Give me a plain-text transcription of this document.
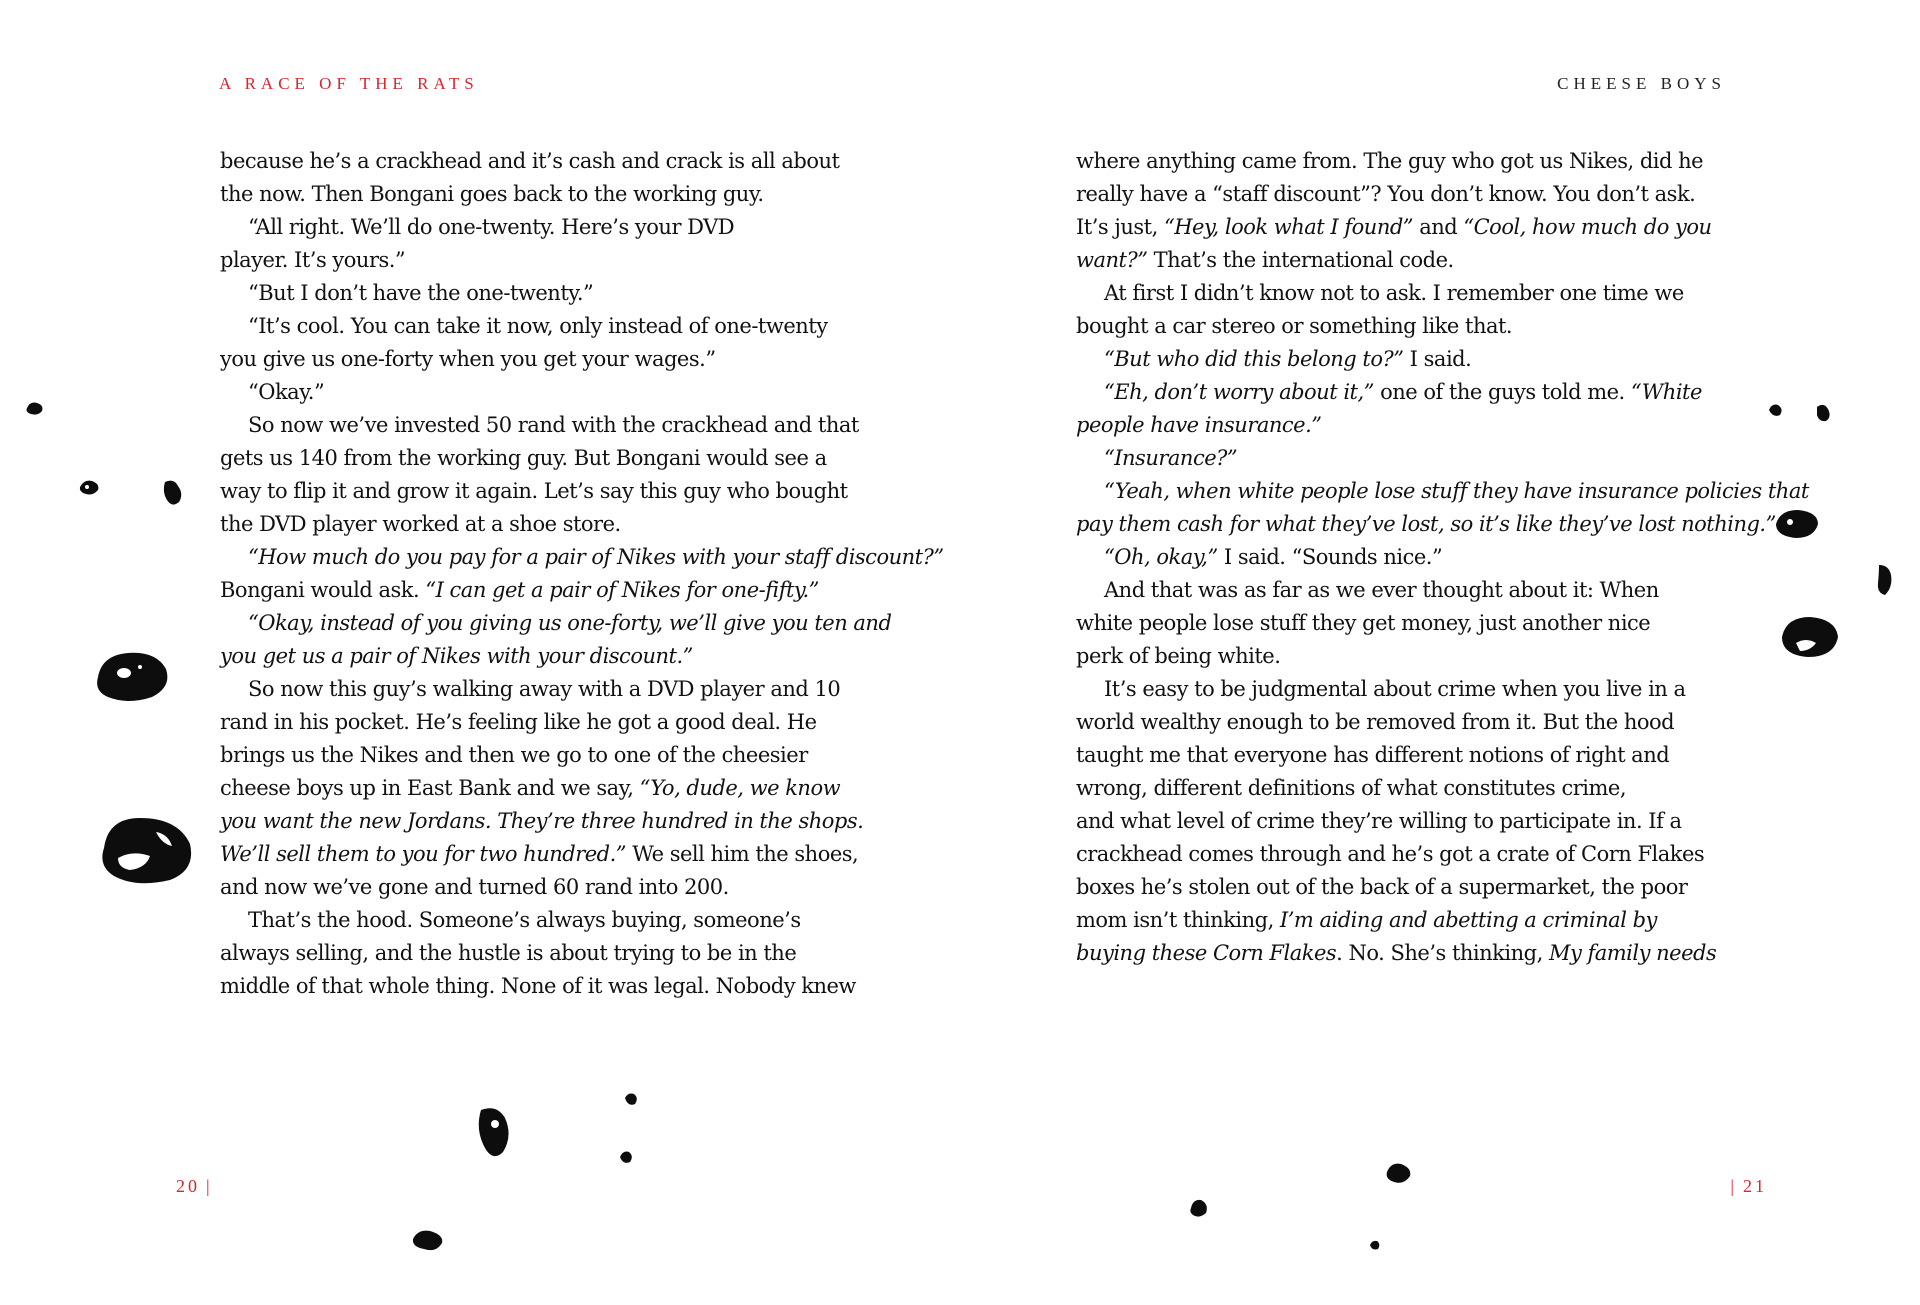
A RACE OF THE RATS
because he’s a crackhead and it’s cash and crack is all about
the now. Then Bongani goes back to the working guy.
“All right. We’ll do one-twenty. Here’s your DVD
player. It’s yours.”
“But I don’t have the one-twenty.”
“It’s cool. You can take it now, only instead of one-twenty
you give us one-forty when you get your wages.”
“Okay.”
So now we’ve invested 50 rand with the crackhead and that
gets us 140 from the working guy. But Bongani would see a
way to flip it and grow it again. Let’s say this guy who bought
the DVD player worked at a shoe store.
“How much do you pay for a pair of Nikes with your staff discount?”
Bongani would ask. “I can get a pair of Nikes for one-fifty.”
“Okay, instead of you giving us one-forty, we’ll give you ten and
you get us a pair of Nikes with your discount.”
So now this guy’s walking away with a DVD player and 10
rand in his pocket. He’s feeling like he got a good deal. He
brings us the Nikes and then we go to one of the cheesier
cheese boys up in East Bank and we say, “Yo, dude, we know
you want the new Jordans. They’re three hundred in the shops.
We’ll sell them to you for two hundred.” We sell him the shoes,
and now we’ve gone and turned 60 rand into 200.
That’s the hood. Someone’s always buying, someone’s
always selling, and the hustle is about trying to be in the
middle of that whole thing. None of it was legal. Nobody knew
20 |
CHEESE BOYS
where anything came from. The guy who got us Nikes, did he
really have a “staff discount”? You don’t know. You don’t ask.
It’s just, “Hey, look what I found” and “Cool, how much do you
want?” That’s the international code.
At first I didn’t know not to ask. I remember one time we
bought a car stereo or something like that.
“But who did this belong to?” I said.
“Eh, don’t worry about it,” one of the guys told me. “White
people have insurance.”
“Insurance?”
“Yeah, when white people lose stuff they have insurance policies that
pay them cash for what they’ve lost, so it’s like they’ve lost nothing.”
“Oh, okay,” I said. “Sounds nice.”
And that was as far as we ever thought about it: When
white people lose stuff they get money, just another nice
perk of being white.
It’s easy to be judgmental about crime when you live in a
world wealthy enough to be removed from it. But the hood
taught me that everyone has different notions of right and
wrong, different definitions of what constitutes crime,
and what level of crime they’re willing to participate in. If a
crackhead comes through and he’s got a crate of Corn Flakes
boxes he’s stolen out of the back of a supermarket, the poor
mom isn’t thinking, I’m aiding and abetting a criminal by
buying these Corn Flakes. No. She’s thinking, My family needs
| 21
